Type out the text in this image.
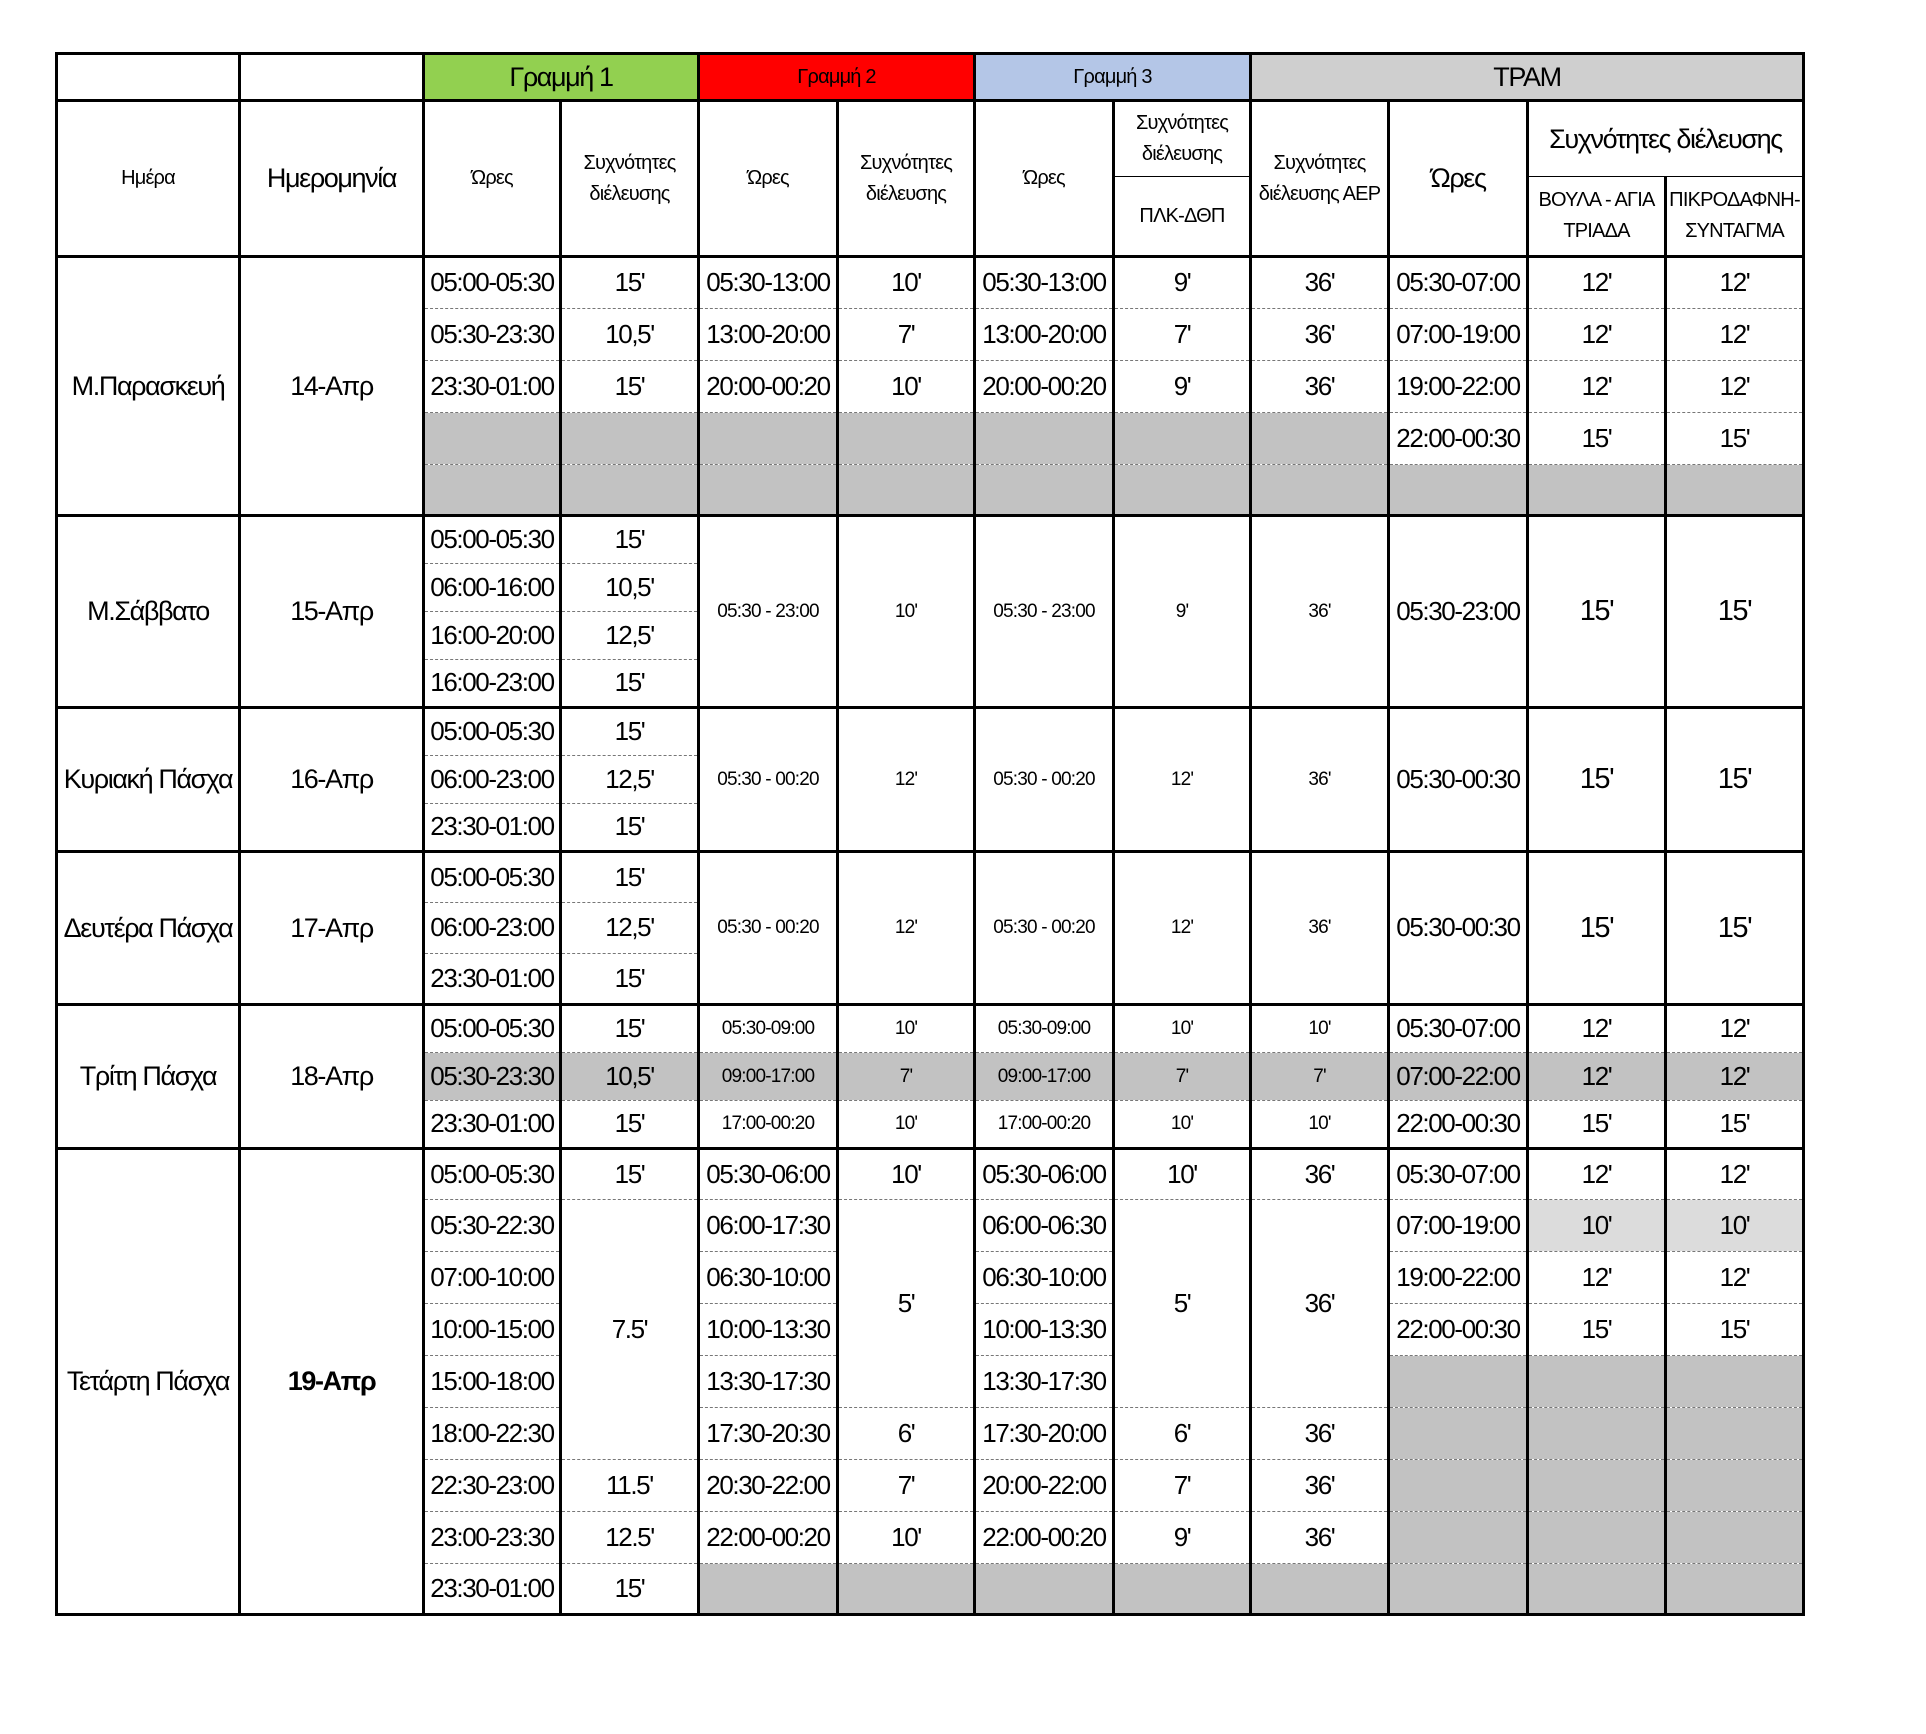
		Γραμμή 1		Γραμμή 2		Γραμμή 3		ΤΡΑΜ			
Ημέρα	Ημερομηνία	Ώρες	Συχνότητες διέλευσης	Ώρες	Συχνότητες διέλευσης	Ώρες	Συχνότητες διέλευσης	Συχνότητες διέλευσης ΑΕΡ	Ώρες	Συχνότητες διέλευσης	
							ΠΛΚ-ΔΘΠ			ΒΟΥΛΑ - ΑΓΙΑ ΤΡΙΑΔΑ	ΠΙΚΡΟΔΑΦΝΗ- ΣΥΝΤΑΓΜΑ
Μ.Παρασκευή	14-Απρ	05:00-05:30	15'	05:30-13:00	10'	05:30-13:00	9'	36'	05:30-07:00	12'	12'
		05:30-23:30	10,5'	13:00-20:00	7'	13:00-20:00	7'	36'	07:00-19:00	12'	12'
		23:30-01:00	15'	20:00-00:20	10'	20:00-00:20	9'	36'	19:00-22:00	12'	12'
									22:00-00:30	15'	15'

Μ.Σάββατο	15-Απρ	05:00-05:30	15'	05:30 - 23:00	10'	05:30 - 23:00	9'	36'	05:30-23:00	15'	15'
		06:00-16:00	10,5'								
		16:00-20:00	12,5'								
		16:00-23:00	15'								
Κυριακή Πάσχα	16-Απρ	05:00-05:30	15'	05:30 - 00:20	12'	05:30 - 00:20	12'	36'	05:30-00:30	15'	15'
		06:00-23:00	12,5'								
		23:30-01:00	15'								
Δευτέρα Πάσχα	17-Απρ	05:00-05:30	15'	05:30 - 00:20	12'	05:30 - 00:20	12'	36'	05:30-00:30	15'	15'
		06:00-23:00	12,5'								
		23:30-01:00	15'								
Τρίτη Πάσχα	18-Απρ	05:00-05:30	15'	05:30-09:00	10'	05:30-09:00	10'	10'	05:30-07:00	12'	12'
		05:30-23:30	10,5'	09:00-17:00	7'	09:00-17:00	7'	7'	07:00-22:00	12'	12'
		23:30-01:00	15'	17:00-00:20	10'	17:00-00:20	10'	10'	22:00-00:30	15'	15'
Τετάρτη Πάσχα	19-Απρ	05:00-05:30	15'	05:30-06:00	10'	05:30-06:00	10'	36'	05:30-07:00	12'	12'
		05:30-22:30	7.5'	06:00-17:30	5'	06:00-06:30	5'	36'	07:00-19:00	10'	10'
		07:00-10:00		06:30-10:00		06:30-10:00			19:00-22:00	12'	12'
		10:00-15:00		10:00-13:30		10:00-13:30			22:00-00:30	15'	15'
		15:00-18:00		13:30-17:30		13:30-17:30					
		18:00-22:30		17:30-20:30	6'	17:30-20:00	6'	36'			
		22:30-23:00	11.5'	20:30-22:00	7'	20:00-22:00	7'	36'			
		23:00-23:30	12.5'	22:00-00:20	10'	22:00-00:20	9'	36'			
		23:30-01:00	15'								
